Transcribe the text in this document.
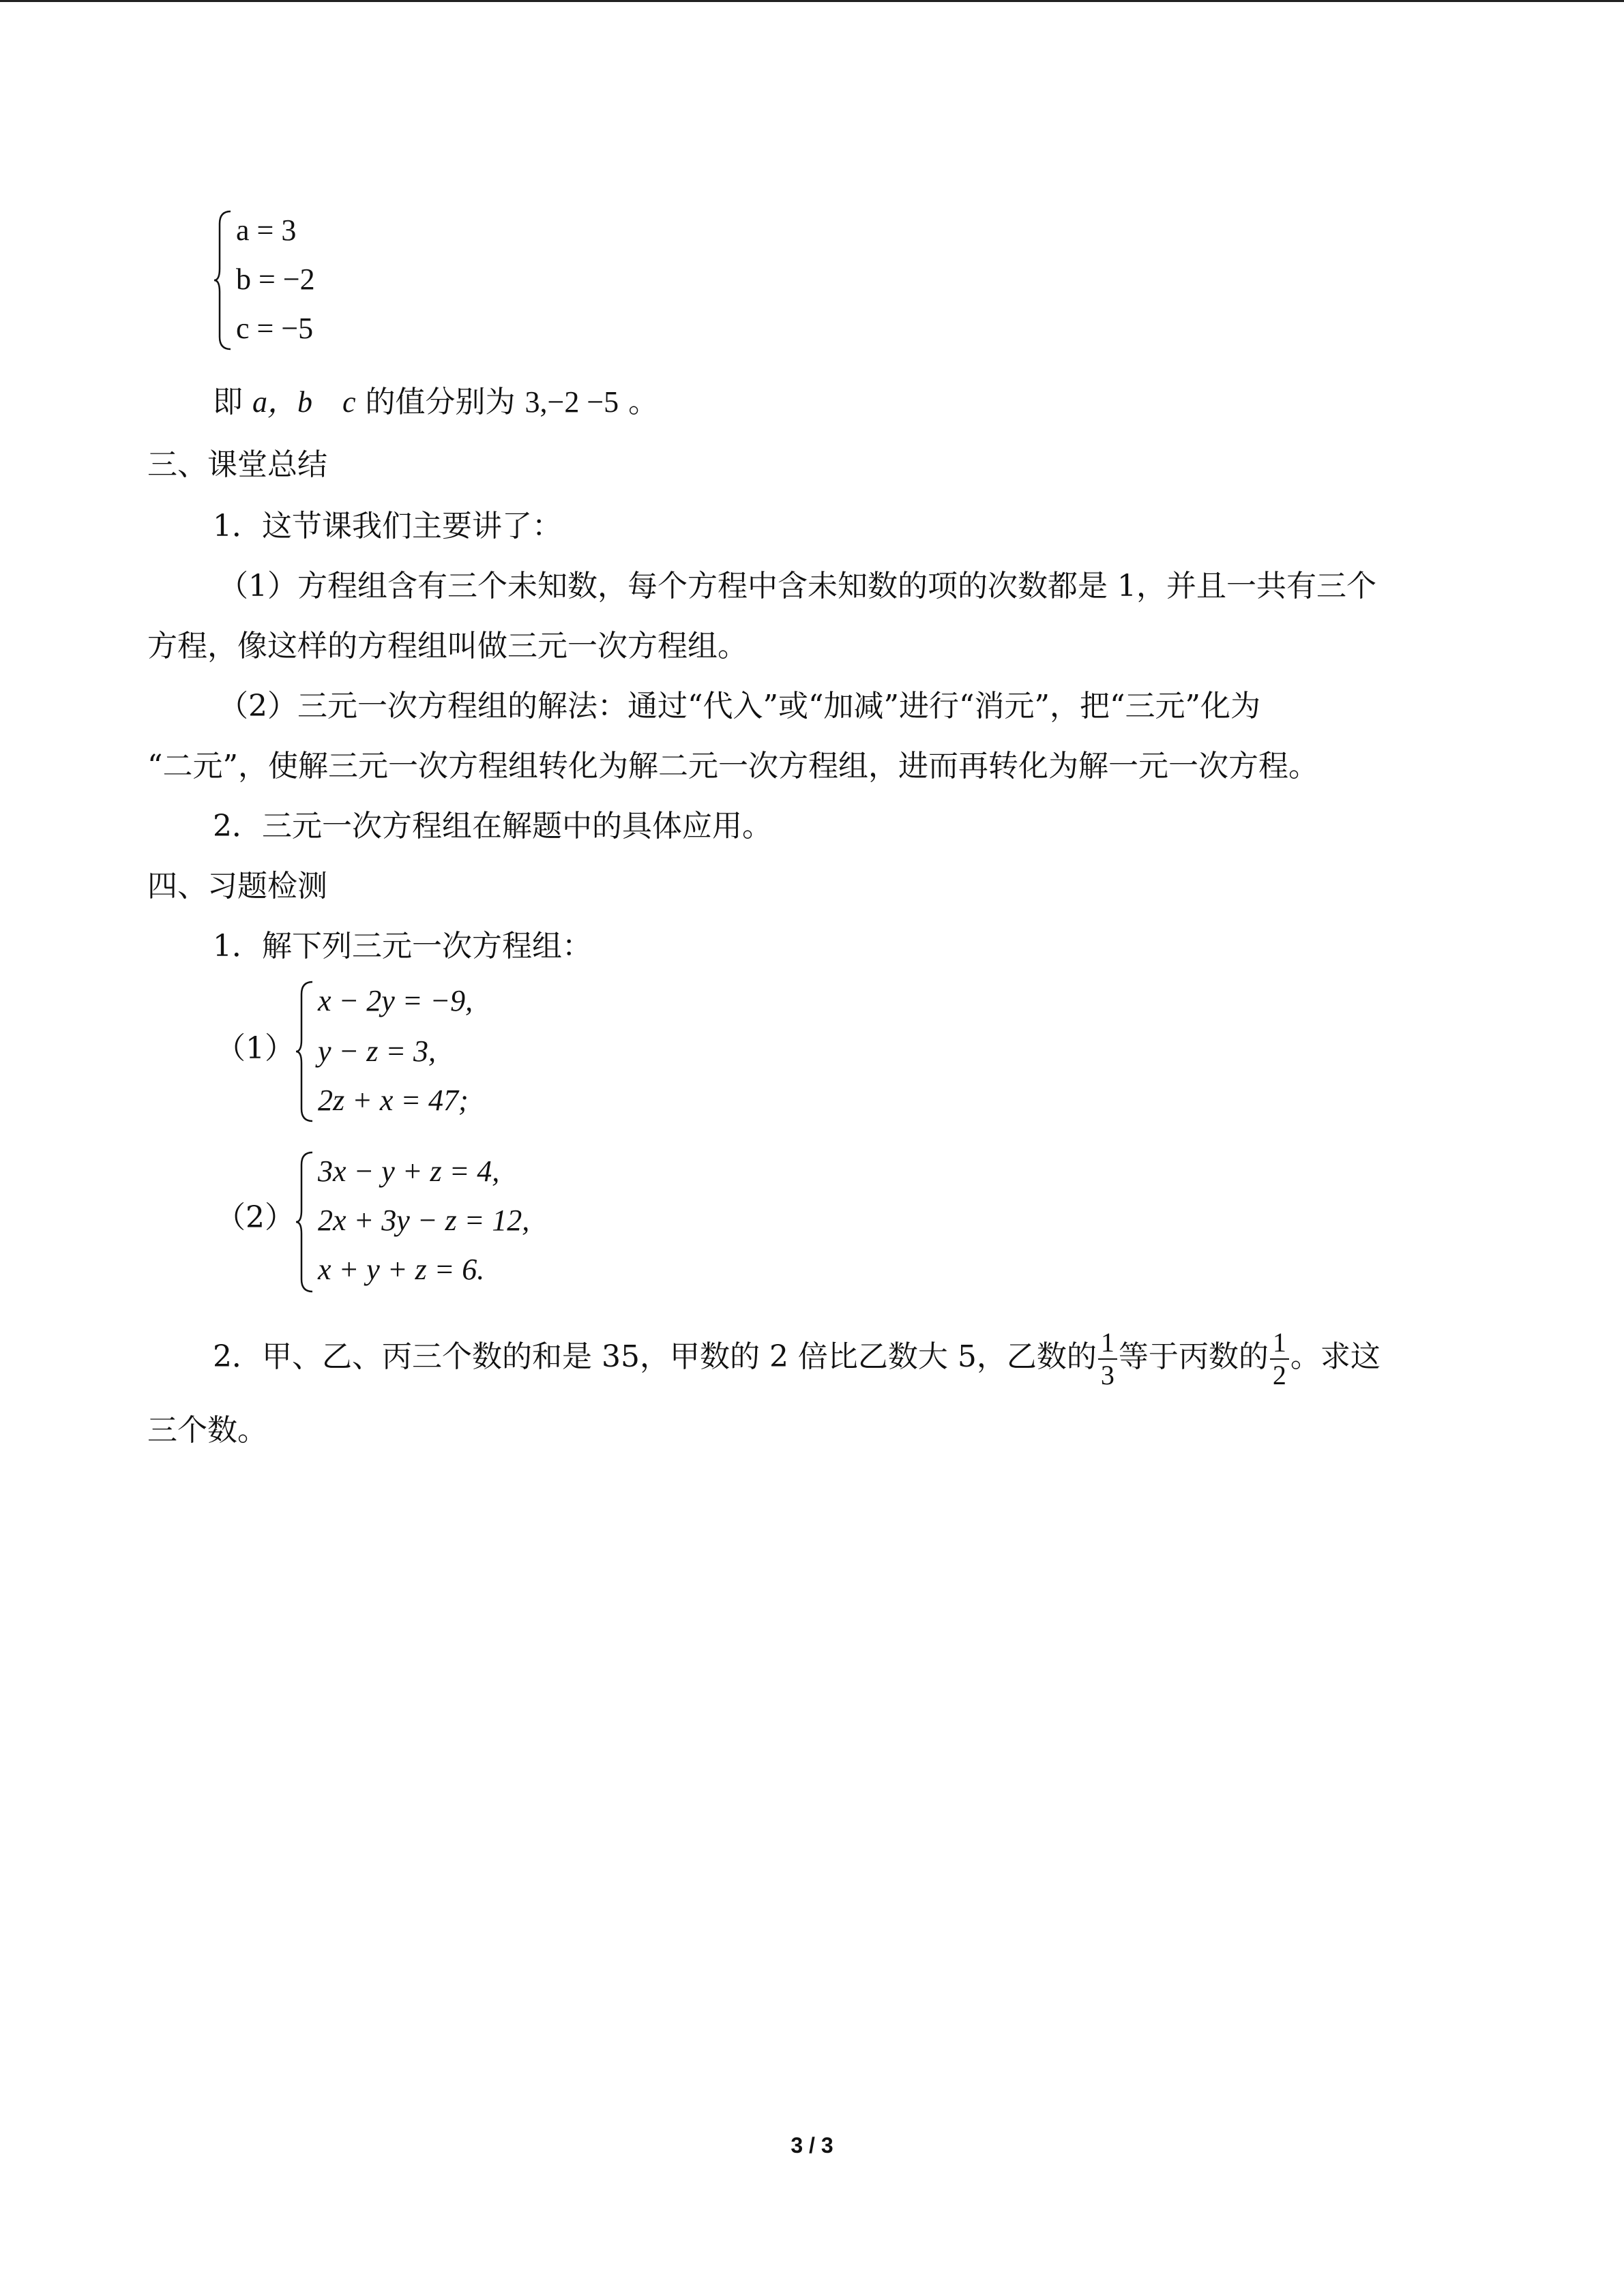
a = 3
b = −2
c = −5
即 a，b　c 的值分别为 3,−2 −5 。
三、课堂总结
1．这节课我们主要讲了：
（1）方程组含有三个未知数，每个方程中含未知数的项的次数都是 1，并且一共有三个
方程，像这样的方程组叫做三元一次方程组。
（2）三元一次方程组的解法：通过“代入”或“加减”进行“消元”，把“三元”化为
“二元”，使解三元一次方程组转化为解二元一次方程组，进而再转化为解一元一次方程。
2．三元一次方程组在解题中的具体应用。
四、习题检测
1．解下列三元一次方程组：
（1）
x − 2y = −9,
y − z = 3,
2z + x = 47;
（2）
3x − y + z = 4,
2x + 3y − z = 12,
x + y + z = 6.
2．甲、乙、丙三个数的和是 35，甲数的 2 倍比乙数大 5，乙数的 $\frac{1}{3}$ 等于丙数的 $\frac{1}{2}$ 。求这
三个数。
3 / 3
